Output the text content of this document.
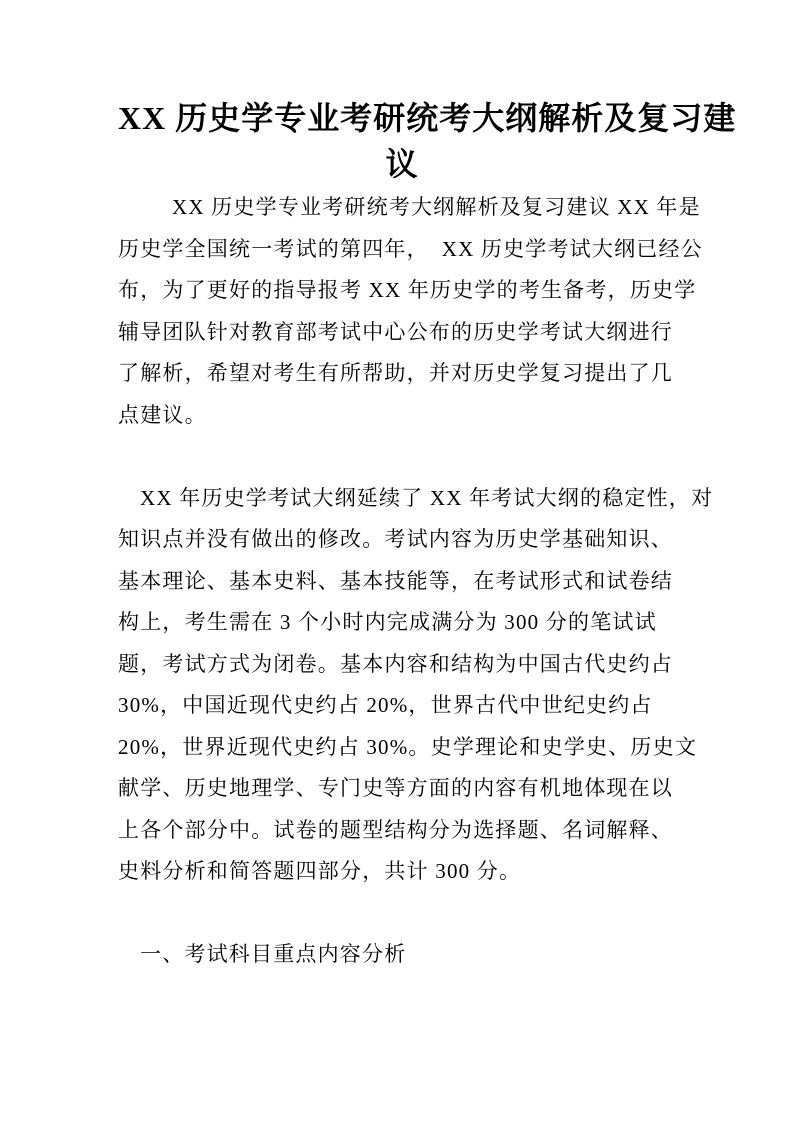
XX 历史学专业考研统考大纲解析及复习建
议
XX 历史学专业考研统考大纲解析及复习建议 XX 年是
历史学全国统一考试的第四年，  XX 历史学考试大纲已经公
布，为了更好的指导报考 XX 年历史学的考生备考，历史学
辅导团队针对教育部考试中心公布的历史学考试大纲进行
了解析，希望对考生有所帮助，并对历史学复习提出了几
点建议。
XX 年历史学考试大纲延续了 XX 年考试大纲的稳定性，对
知识点并没有做出的修改。考试内容为历史学基础知识、
基本理论、基本史料、基本技能等，在考试形式和试卷结
构上，考生需在 3 个小时内完成满分为 300 分的笔试试
题，考试方式为闭卷。基本内容和结构为中国古代史约占
30%，中国近现代史约占 20%，世界古代中世纪史约占
20%，世界近现代史约占 30%。史学理论和史学史、历史文
献学、历史地理学、专门史等方面的内容有机地体现在以
上各个部分中。试卷的题型结构分为选择题、名词解释、
史料分析和简答题四部分，共计 300 分。
一、考试科目重点内容分析
